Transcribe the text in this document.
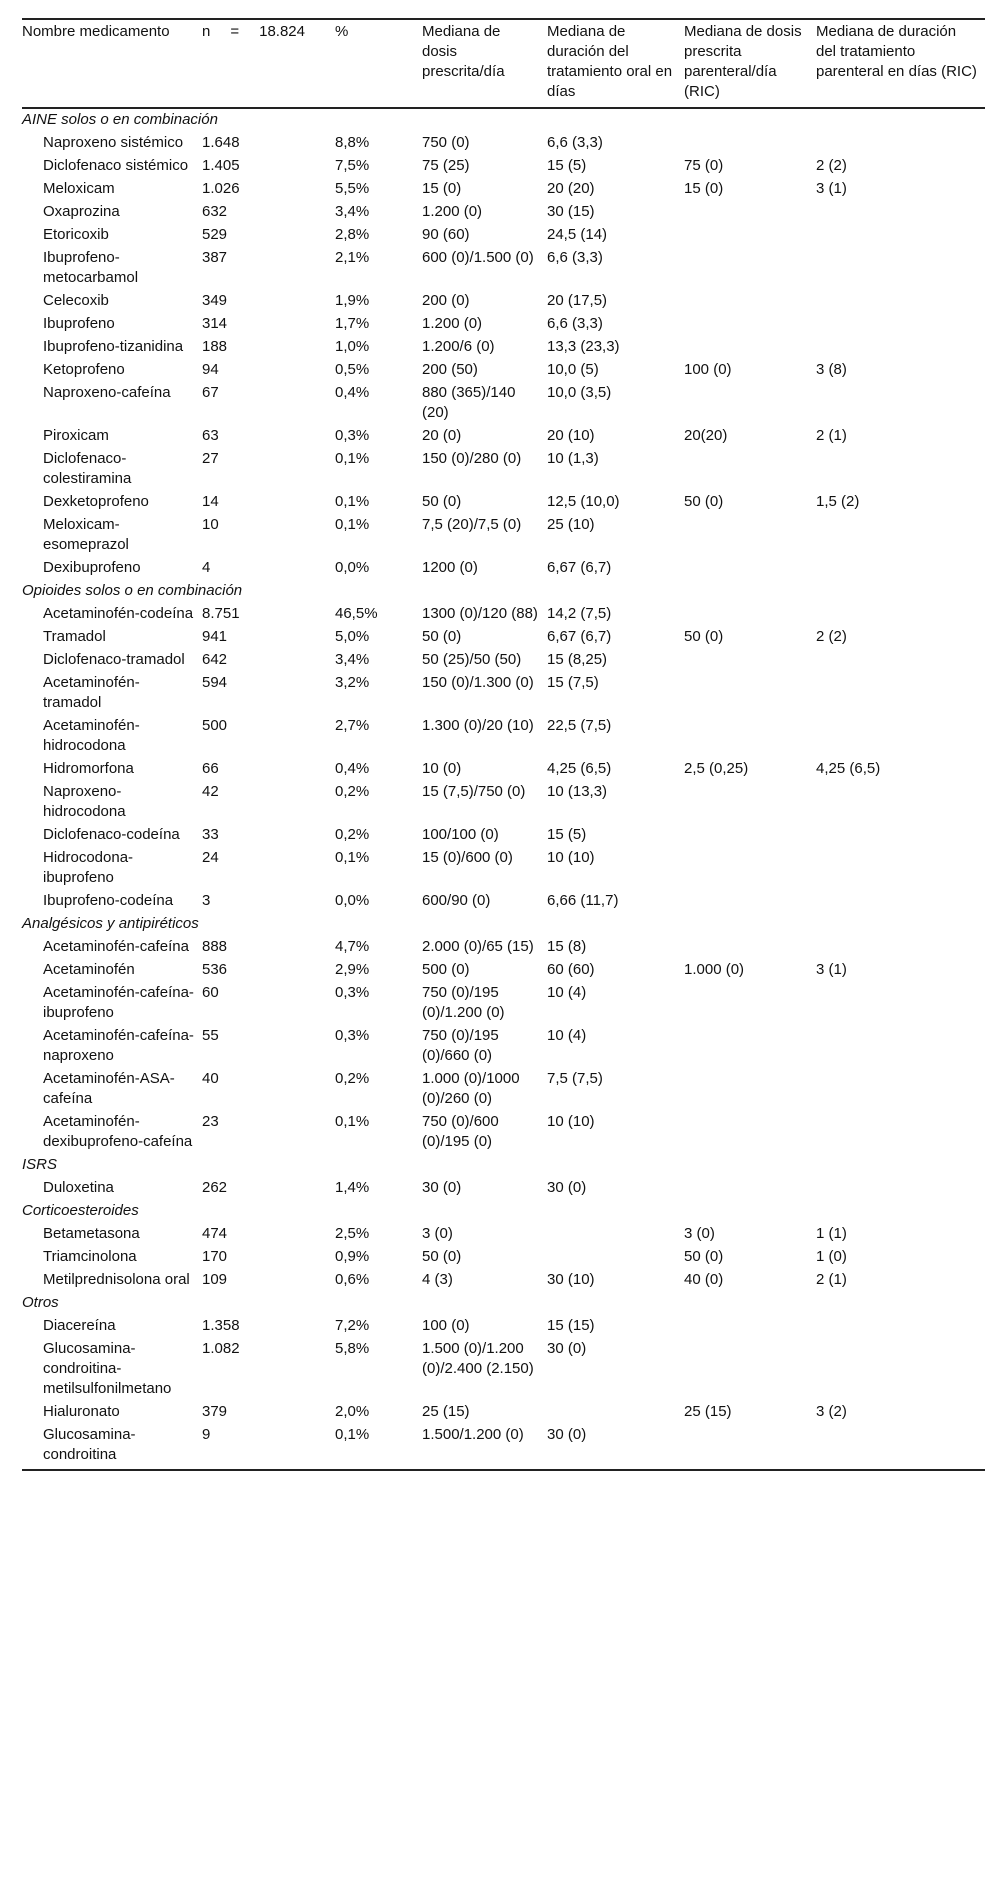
Nombre medicamento	n = 18.824	%	Mediana de dosis prescrita/día	Mediana de duración del tratamiento oral en días	Mediana de dosis prescrita parenteral/día (RIC)	Mediana de duración del tratamiento parenteral en días (RIC)
AINE solos o en combinación						
Naproxeno sistémico	1.648	8,8%	750 (0)	6,6 (3,3)		
Diclofenaco sistémico	1.405	7,5%	75 (25)	15 (5)	75 (0)	2 (2)
Meloxicam	1.026	5,5%	15 (0)	20 (20)	15 (0)	3 (1)
Oxaprozina	632	3,4%	1.200 (0)	30 (15)		
Etoricoxib	529	2,8%	90 (60)	24,5 (14)		
Ibuprofeno-metocarbamol	387	2,1%	600 (0)/1.500 (0)	6,6 (3,3)		
Celecoxib	349	1,9%	200 (0)	20 (17,5)		
Ibuprofeno	314	1,7%	1.200 (0)	6,6 (3,3)		
Ibuprofeno-tizanidina	188	1,0%	1.200/6 (0)	13,3 (23,3)		
Ketoprofeno	94	0,5%	200 (50)	10,0 (5)	100 (0)	3 (8)
Naproxeno-cafeína	67	0,4%	880 (365)/140 (20)	10,0 (3,5)		
Piroxicam	63	0,3%	20 (0)	20 (10)	20(20)	2 (1)
Diclofenaco-colestiramina	27	0,1%	150 (0)/280 (0)	10 (1,3)		
Dexketoprofeno	14	0,1%	50 (0)	12,5 (10,0)	50 (0)	1,5 (2)
Meloxicam-esomeprazol	10	0,1%	7,5 (20)/7,5 (0)	25 (10)		
Dexibuprofeno	4	0,0%	1200 (0)	6,67 (6,7)		
Opioides solos o en combinación						
Acetaminofén-codeína	8.751	46,5%	1300 (0)/120 (88)	14,2 (7,5)		
Tramadol	941	5,0%	50 (0)	6,67 (6,7)	50 (0)	2 (2)
Diclofenaco-tramadol	642	3,4%	50 (25)/50 (50)	15 (8,25)		
Acetaminofén-tramadol	594	3,2%	150 (0)/1.300 (0)	15 (7,5)		
Acetaminofén-hidrocodona	500	2,7%	1.300 (0)/20 (10)	22,5 (7,5)		
Hidromorfona	66	0,4%	10 (0)	4,25 (6,5)	2,5 (0,25)	4,25 (6,5)
Naproxeno-hidrocodona	42	0,2%	15 (7,5)/750 (0)	10 (13,3)		
Diclofenaco-codeína	33	0,2%	100/100 (0)	15 (5)		
Hidrocodona-ibuprofeno	24	0,1%	15 (0)/600 (0)	10 (10)		
Ibuprofeno-codeína	3	0,0%	600/90 (0)	6,66 (11,7)		
Analgésicos y antipiréticos						
Acetaminofén-cafeína	888	4,7%	2.000 (0)/65 (15)	15 (8)		
Acetaminofén	536	2,9%	500 (0)	60 (60)	1.000 (0)	3 (1)
Acetaminofén-cafeína-ibuprofeno	60	0,3%	750 (0)/195 (0)/1.200 (0)	10 (4)		
Acetaminofén-cafeína-naproxeno	55	0,3%	750 (0)/195 (0)/660 (0)	10 (4)		
Acetaminofén-ASA-cafeína	40	0,2%	1.000 (0)/1000 (0)/260 (0)	7,5 (7,5)		
Acetaminofén-dexibuprofeno-cafeína	23	0,1%	750 (0)/600 (0)/195 (0)	10 (10)		
ISRS						
Duloxetina	262	1,4%	30 (0)	30 (0)		
Corticoesteroides						
Betametasona	474	2,5%	3 (0)		3 (0)	1 (1)
Triamcinolona	170	0,9%	50 (0)		50 (0)	1 (0)
Metilprednisolona oral	109	0,6%	4 (3)	30 (10)	40 (0)	2 (1)
Otros						
Diacereína	1.358	7,2%	100 (0)	15 (15)		
Glucosamina-condroitina-metilsulfonilmetano	1.082	5,8%	1.500 (0)/1.200 (0)/2.400 (2.150)	30 (0)		
Hialuronato	379	2,0%	25 (15)		25 (15)	3 (2)
Glucosamina-condroitina	9	0,1%	1.500/1.200 (0)	30 (0)		
